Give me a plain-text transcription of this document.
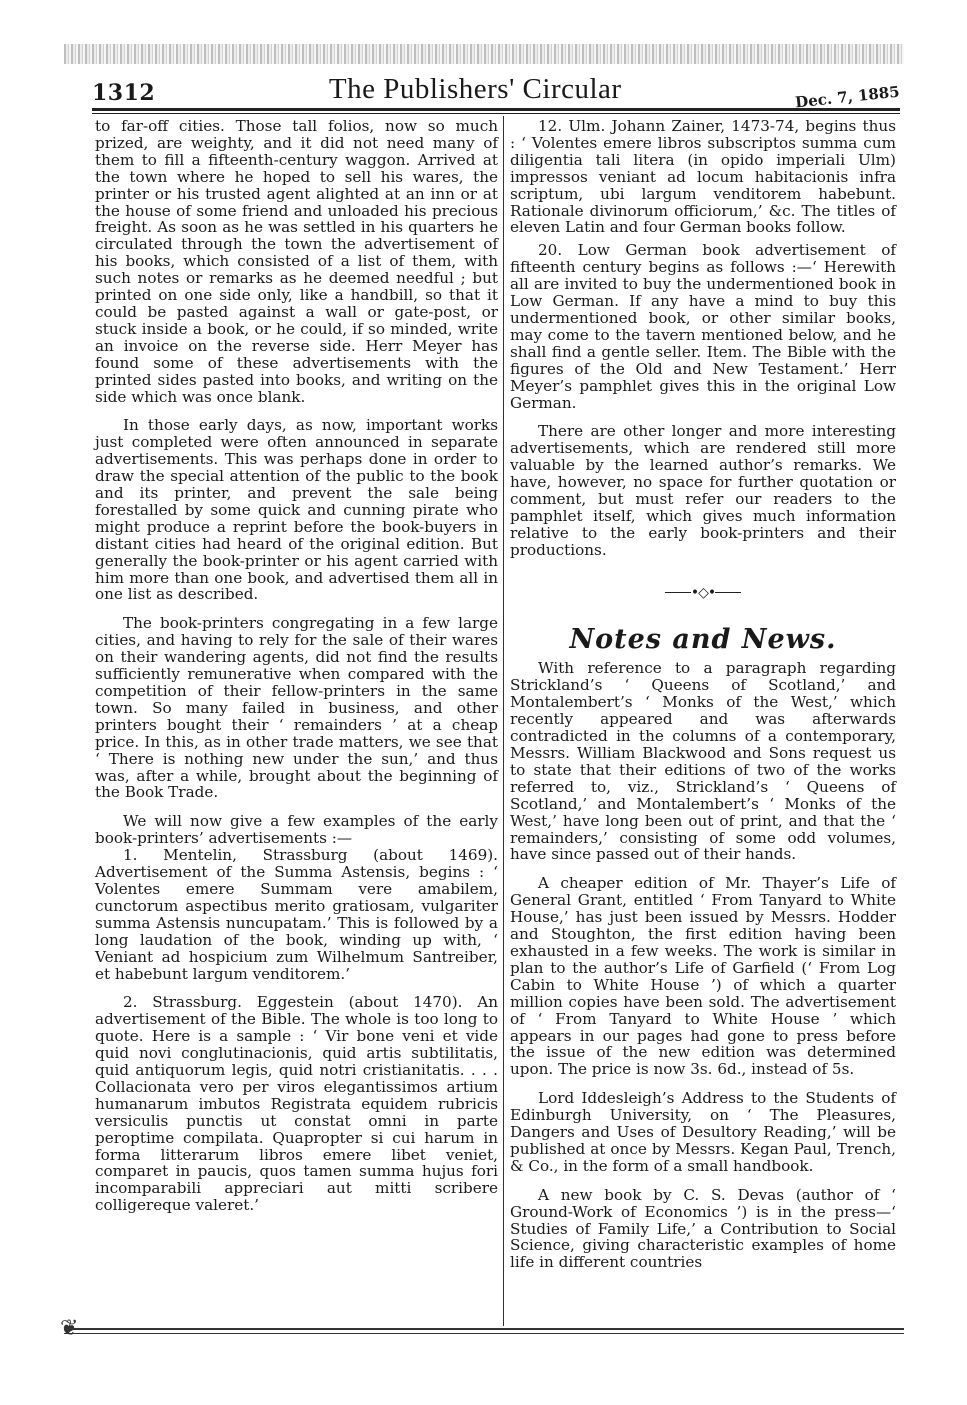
1312	The Publishers' Circular	Dec. 7, 1885

to far-off cities. Those tall folios, now so much prized, are weighty, and it did not need many of them to fill a fifteenth-century waggon. Arrived at the town where he hoped to sell his wares, the printer or his trusted agent alighted at an inn or at the house of some friend and unloaded his precious freight. As soon as he was settled in his quarters he circulated through the town the advertisement of his books, which consisted of a list of them, with such notes or remarks as he deemed needful ; but printed on one side only, like a handbill, so that it could be pasted against a wall or gate-post, or stuck inside a book, or he could, if so minded, write an invoice on the reverse side. Herr Meyer has found some of these advertisements with the printed sides pasted into books, and writing on the side which was once blank.

In those early days, as now, important works just completed were often announced in separate advertisements. This was perhaps done in order to draw the special attention of the public to the book and its printer, and prevent the sale being forestalled by some quick and cunning pirate who might produce a reprint before the book-buyers in distant cities had heard of the original edition. But generally the book-printer or his agent carried with him more than one book, and advertised them all in one list as described.

The book-printers congregating in a few large cities, and having to rely for the sale of their wares on their wandering agents, did not find the results sufficiently remunerative when compared with the competition of their fellow-printers in the same town. So many failed in business, and other printers bought their ‘ remainders ’ at a cheap price. In this, as in other trade matters, we see that ‘ There is nothing new under the sun,’ and thus was, after a while, brought about the beginning of the Book Trade.

We will now give a few examples of the early book-printers’ advertisements :—

1. Mentelin, Strassburg (about 1469). Advertisement of the Summa Astensis, begins : ‘ Volentes emere Summam vere amabilem, cunctorum aspectibus merito gratiosam, vulgariter summa Astensis nuncupatam.’ This is followed by a long laudation of the book, winding up with, ‘ Veniant ad hospicium zum Wilhelmum Santreiber, et habebunt largum venditorem.’

2. Strassburg. Eggestein (about 1470). An advertisement of the Bible. The whole is too long to quote. Here is a sample : ‘ Vir bone veni et vide quid novi conglutinacionis, quid artis subtilitatis, quid antiquorum legis, quid notri cristianitatis. . . . Collacionata vero per viros elegantissimos artium humanarum imbutos Registrata equidem rubricis versiculis punctis ut constat omni in parte peroptime compilata. Quapropter si cui harum in forma litterarum libros emere libet veniet, comparet in paucis, quos tamen summa hujus fori incomparabili appreciari aut mitti scribere colligereque valeret.’

12. Ulm. Johann Zainer, 1473-74, begins thus : ‘ Volentes emere libros subscriptos summa cum diligentia tali litera (in opido imperiali Ulm) impressos veniant ad locum habitacionis infra scriptum, ubi largum venditorem habebunt. Rationale divinorum officiorum,’ &c. The titles of eleven Latin and four German books follow.

20. Low German book advertisement of fifteenth century begins as follows :—‘ Herewith all are invited to buy the undermentioned book in Low German. If any have a mind to buy this undermentioned book, or other similar books, may come to the tavern mentioned below, and he shall find a gentle seller. Item. The Bible with the figures of the Old and New Testament.’ Herr Meyer’s pamphlet gives this in the original Low German.

There are other longer and more interesting advertisements, which are rendered still more valuable by the learned author’s remarks. We have, however, no space for further quotation or comment, but must refer our readers to the pamphlet itself, which gives much information relative to the early book-printers and their productions.

•◇•
Notes and News.

With reference to a paragraph regarding Strickland’s ‘ Queens of Scotland,’ and Montalembert’s ‘ Monks of the West,’ which recently appeared and was afterwards contradicted in the columns of a contemporary, Messrs. William Blackwood and Sons request us to state that their editions of two of the works referred to, viz., Strickland’s ‘ Queens of Scotland,’ and Montalembert’s ‘ Monks of the West,’ have long been out of print, and that the ‘ remainders,’ consisting of some odd volumes, have since passed out of their hands.

A cheaper edition of Mr. Thayer’s Life of General Grant, entitled ‘ From Tanyard to White House,’ has just been issued by Messrs. Hodder and Stoughton, the first edition having been exhausted in a few weeks. The work is similar in plan to the author’s Life of Garfield (‘ From Log Cabin to White House ’) of which a quarter million copies have been sold. The advertisement of ‘ From Tanyard to White House ’ which appears in our pages had gone to press before the issue of the new edition was determined upon. The price is now 3s. 6d., instead of 5s.

Lord Iddesleigh’s Address to the Students of Edinburgh University, on ‘ The Pleasures, Dangers and Uses of Desultory Reading,’ will be published at once by Messrs. Kegan Paul, Trench, & Co., in the form of a small handbook.

A new book by C. S. Devas (author of ‘ Ground-Work of Economics ’) is in the press—‘ Studies of Family Life,’ a Contribution to Social Science, giving characteristic examples of home life in different countries

❦
